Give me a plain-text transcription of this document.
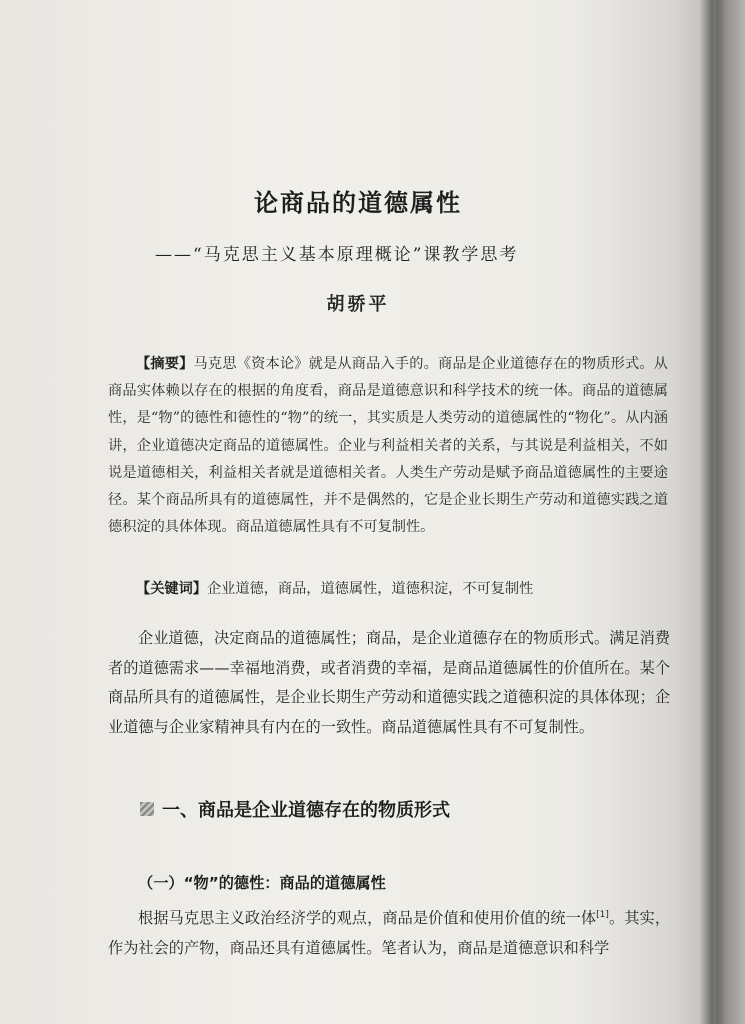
论商品的道德属性
——“马克思主义基本原理概论”课教学思考
胡骄平

【摘要】马克思《资本论》就是从商品入手的。商品是企业道德存在的物质形式。从商品实体赖以存在的根据的角度看，商品是道德意识和科学技术的统一体。商品的道德属性，是“物”的德性和德性的“物”的统一，其实质是人类劳动的道德属性的“物化”。从内涵讲，企业道德决定商品的道德属性。企业与利益相关者的关系，与其说是利益相关，不如说是道德相关，利益相关者就是道德相关者。人类生产劳动是赋予商品道德属性的主要途径。某个商品所具有的道德属性，并不是偶然的，它是企业长期生产劳动和道德实践之道德积淀的具体体现。商品道德属性具有不可复制性。

【关键词】企业道德，商品，道德属性，道德积淀，不可复制性

企业道德，决定商品的道德属性；商品，是企业道德存在的物质形式。满足消费者的道德需求——幸福地消费，或者消费的幸福，是商品道德属性的价值所在。某个商品所具有的道德属性，是企业长期生产劳动和道德实践之道德积淀的具体体现；企业道德与企业家精神具有内在的一致性。商品道德属性具有不可复制性。

一、商品是企业道德存在的物质形式
（一）“物”的德性：商品的道德属性

根据马克思主义政治经济学的观点，商品是价值和使用价值的统一体[1]。其实，作为社会的产物，商品还具有道德属性。笔者认为，商品是道德意识和科学
